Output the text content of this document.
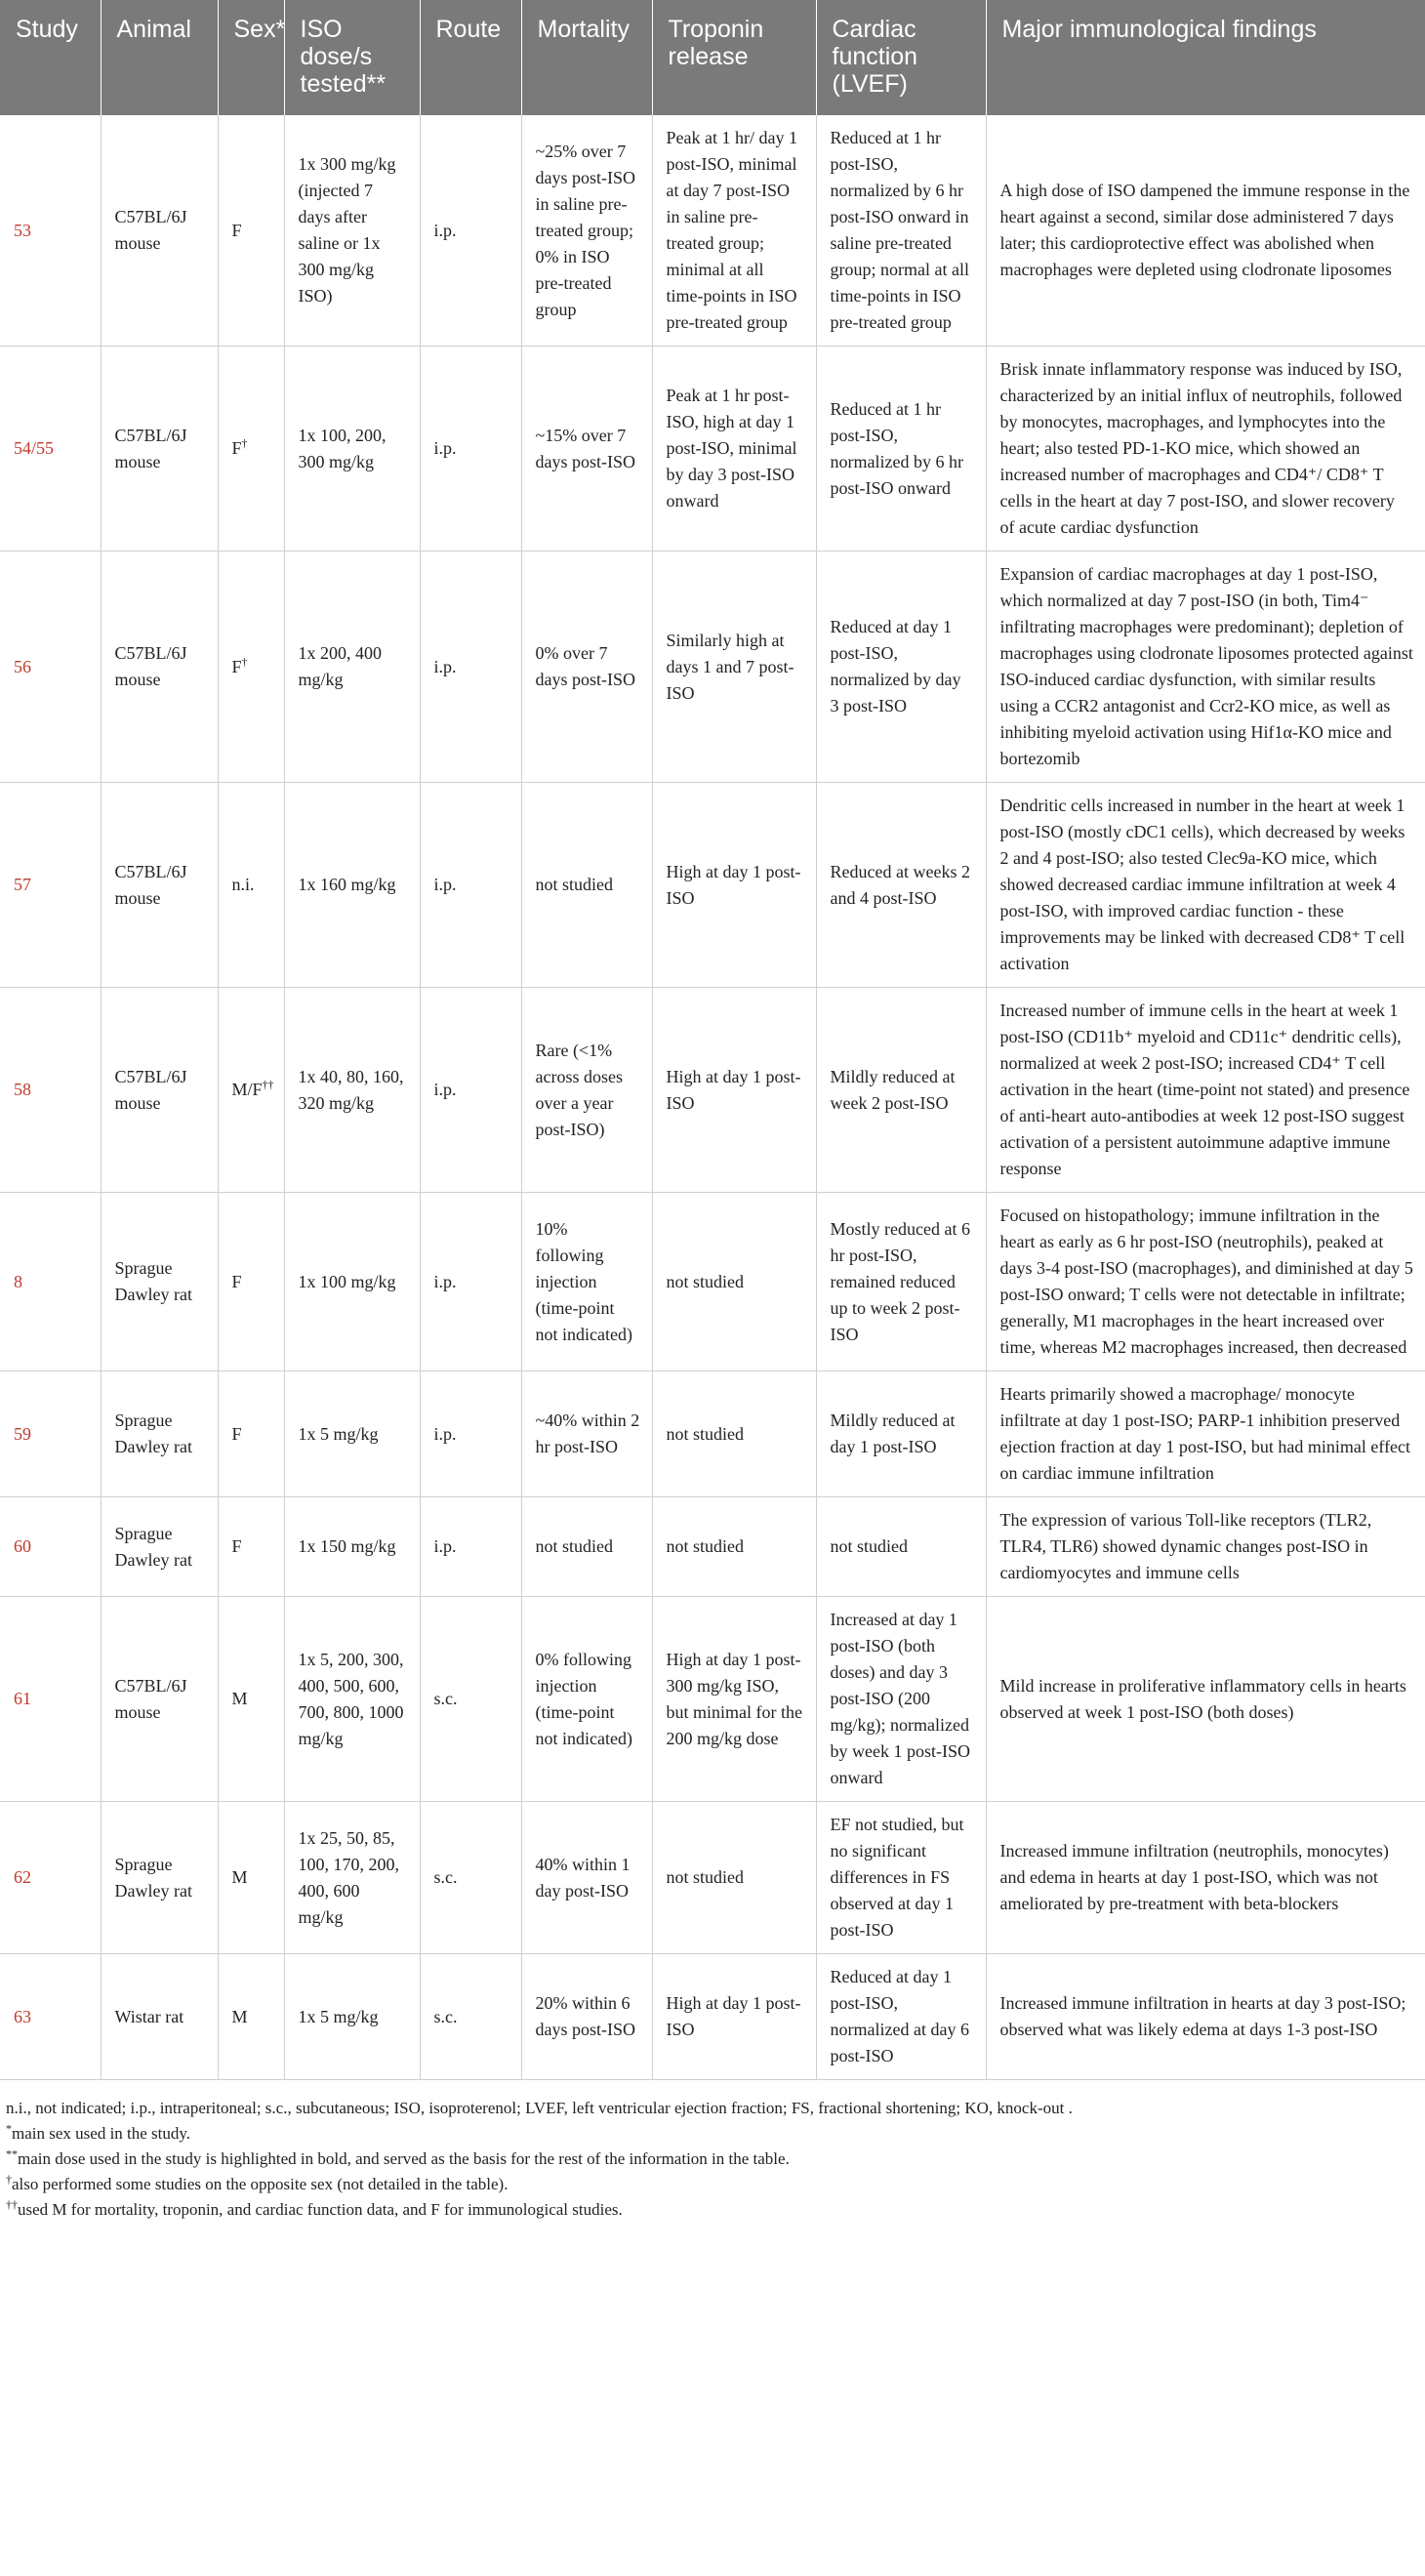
Study	Animal	Sex*	ISO dose/s tested**	Route	Mortality	Troponin release	Cardiac function (LVEF)	Major immunological findings
53	C57BL/6J mouse	F	1x 300 mg/kg (injected 7 days after saline or 1x 300 mg/kg ISO)	i.p.	~25% over 7 days post-ISO in saline pre-treated group; 0% in ISO pre-treated group	Peak at 1 hr/ day 1 post-ISO, minimal at day 7 post-ISO in saline pre-treated group; minimal at all time-points in ISO pre-treated group	Reduced at 1 hr post-ISO, normalized by 6 hr post-ISO onward in saline pre-treated group; normal at all time-points in ISO pre-treated group	A high dose of ISO dampened the immune response in the heart against a second, similar dose administered 7 days later; this cardioprotective effect was abolished when macrophages were depleted using clodronate liposomes
54/55	C57BL/6J mouse	F†	1x 100, 200, 300 mg/kg	i.p.	~15% over 7 days post-ISO	Peak at 1 hr post-ISO, high at day 1 post-ISO, minimal by day 3 post-ISO onward	Reduced at 1 hr post-ISO, normalized by 6 hr post-ISO onward	Brisk innate inflammatory response was induced by ISO, characterized by an initial influx of neutrophils, followed by monocytes, macrophages, and lymphocytes into the heart; also tested PD-1-KO mice, which showed an increased number of macrophages and CD4⁺/ CD8⁺ T cells in the heart at day 7 post-ISO, and slower recovery of acute cardiac dysfunction
56	C57BL/6J mouse	F†	1x 200, 400 mg/kg	i.p.	0% over 7 days post-ISO	Similarly high at days 1 and 7 post-ISO	Reduced at day 1 post-ISO, normalized by day 3 post-ISO	Expansion of cardiac macrophages at day 1 post-ISO, which normalized at day 7 post-ISO (in both, Tim4⁻ infiltrating macrophages were predominant); depletion of macrophages using clodronate liposomes protected against ISO-induced cardiac dysfunction, with similar results using a CCR2 antagonist and Ccr2-KO mice, as well as inhibiting myeloid activation using Hif1α-KO mice and bortezomib
57	C57BL/6J mouse	n.i.	1x 160 mg/kg	i.p.	not studied	High at day 1 post-ISO	Reduced at weeks 2 and 4 post-ISO	Dendritic cells increased in number in the heart at week 1 post-ISO (mostly cDC1 cells), which decreased by weeks 2 and 4 post-ISO; also tested Clec9a-KO mice, which showed decreased cardiac immune infiltration at week 4 post-ISO, with improved cardiac function - these improvements may be linked with decreased CD8⁺ T cell activation
58	C57BL/6J mouse	M/F††	1x 40, 80, 160, 320 mg/kg	i.p.	Rare (<1% across doses over a year post-ISO)	High at day 1 post-ISO	Mildly reduced at week 2 post-ISO	Increased number of immune cells in the heart at week 1 post-ISO (CD11b⁺ myeloid and CD11c⁺ dendritic cells), normalized at week 2 post-ISO; increased CD4⁺ T cell activation in the heart (time-point not stated) and presence of anti-heart auto-antibodies at week 12 post-ISO suggest activation of a persistent autoimmune adaptive immune response
8	Sprague Dawley rat	F	1x 100 mg/kg	i.p.	10% following injection (time-point not indicated)	not studied	Mostly reduced at 6 hr post-ISO, remained reduced up to week 2 post-ISO	Focused on histopathology; immune infiltration in the heart as early as 6 hr post-ISO (neutrophils), peaked at days 3-4 post-ISO (macrophages), and diminished at day 5 post-ISO onward; T cells were not detectable in infiltrate; generally, M1 macrophages in the heart increased over time, whereas M2 macrophages increased, then decreased
59	Sprague Dawley rat	F	1x 5 mg/kg	i.p.	~40% within 2 hr post-ISO	not studied	Mildly reduced at day 1 post-ISO	Hearts primarily showed a macrophage/ monocyte infiltrate at day 1 post-ISO; PARP-1 inhibition preserved ejection fraction at day 1 post-ISO, but had minimal effect on cardiac immune infiltration
60	Sprague Dawley rat	F	1x 150 mg/kg	i.p.	not studied	not studied	not studied	The expression of various Toll-like receptors (TLR2, TLR4, TLR6) showed dynamic changes post-ISO in cardiomyocytes and immune cells
61	C57BL/6J mouse	M	1x 5, 200, 300, 400, 500, 600, 700, 800, 1000 mg/kg	s.c.	0% following injection (time-point not indicated)	High at day 1 post-300 mg/kg ISO, but minimal for the 200 mg/kg dose	Increased at day 1 post-ISO (both doses) and day 3 post-ISO (200 mg/kg); normalized by week 1 post-ISO onward	Mild increase in proliferative inflammatory cells in hearts observed at week 1 post-ISO (both doses)
62	Sprague Dawley rat	M	1x 25, 50, 85, 100, 170, 200, 400, 600 mg/kg	s.c.	40% within 1 day post-ISO	not studied	EF not studied, but no significant differences in FS observed at day 1 post-ISO	Increased immune infiltration (neutrophils, monocytes) and edema in hearts at day 1 post-ISO, which was not ameliorated by pre-treatment with beta-blockers
63	Wistar rat	M	1x 5 mg/kg	s.c.	20% within 6 days post-ISO	High at day 1 post-ISO	Reduced at day 1 post-ISO, normalized at day 6 post-ISO	Increased immune infiltration in hearts at day 3 post-ISO; observed what was likely edema at days 1-3 post-ISO
n.i., not indicated; i.p., intraperitoneal; s.c., subcutaneous; ISO, isoproterenol; LVEF, left ventricular ejection fraction; FS, fractional shortening; KO, knock-out .
*main sex used in the study.
**main dose used in the study is highlighted in bold, and served as the basis for the rest of the information in the table.
†also performed some studies on the opposite sex (not detailed in the table).
††used M for mortality, troponin, and cardiac function data, and F for immunological studies.
